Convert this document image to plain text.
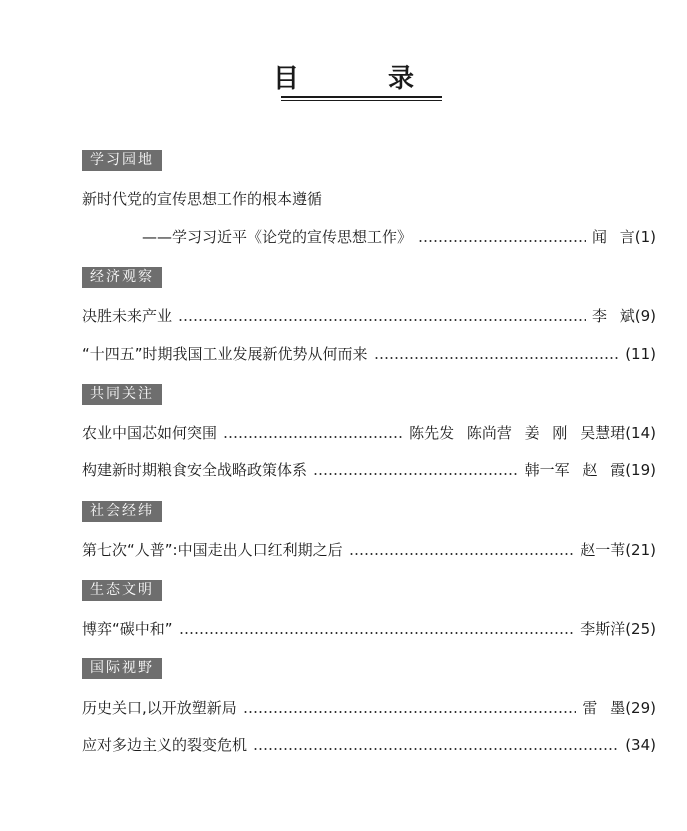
目 录
学习园地
新时代党的宣传思想工作的根本遵循
——学习习近平《论党的宣传思想工作》	闻 言 (1)
经济观察
决胜未来产业	李 斌 (9)
“十四五”时期我国工业发展新优势从何而来	(11)
共同关注
农业中国芯如何突围	陈先发 陈尚营 姜 刚 吴慧珺 (14)
构建新时期粮食安全战略政策体系	韩一军 赵 霞 (19)
社会经纬
第七次“人普”:中国走出人口红利期之后	赵一苇 (21)
生态文明
博弈“碳中和”	李斯洋 (25)
国际视野
历史关口,以开放塑新局	雷 墨 (29)
应对多边主义的裂变危机	(34)
